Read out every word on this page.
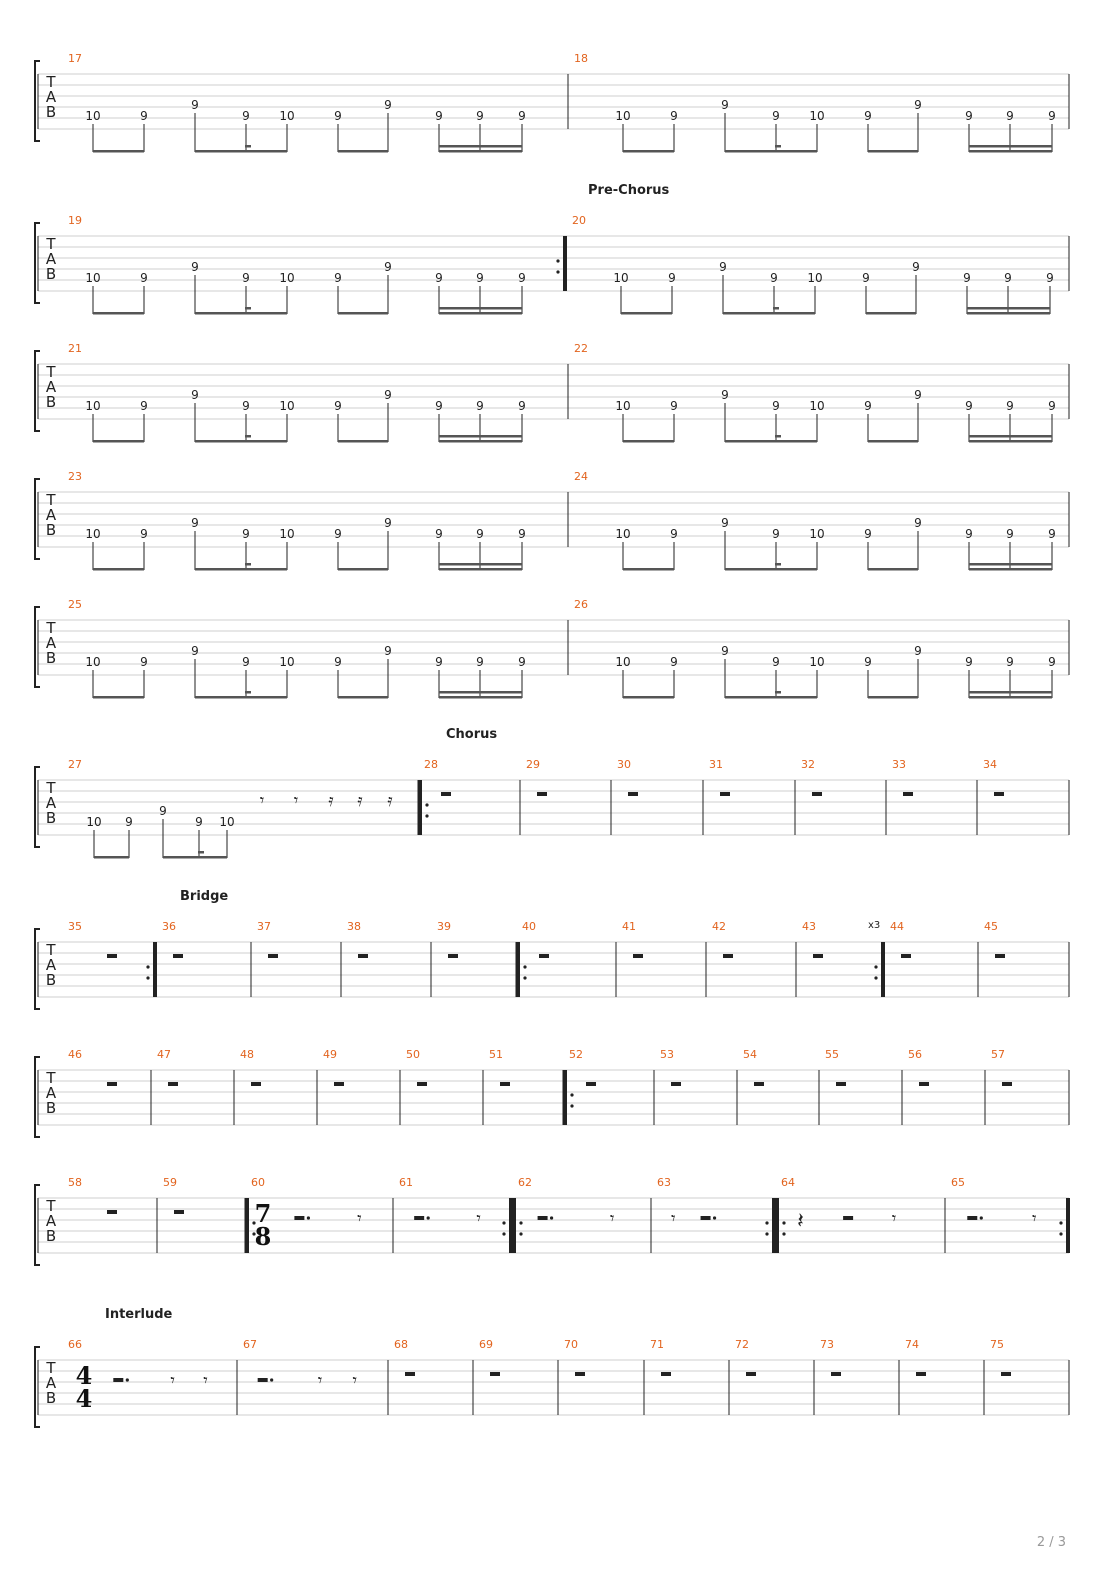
T
A
B
17
10	9
9
9 10	9
9
9	9	9
18
10	9
9
9 10	9
9
9	9	9
T
A
B
Pre-Chorus
19
10	9
9
9 10	9
9
9	9	9
20
10	9
9
9 10	9
9
9	9	9
T
A
B
21
10	9
9
9 10	9
9
9	9	9
22
10	9
9
9 10	9
9
9	9	9
T
A
B
23
10	9
9
9 10	9
9
9	9	9
24
10	9
9
9 10	9
9
9	9	9
T
A
B
25
10	9
9
9 10	9
9
9	9	9
26
10	9
9
9 10	9
9
9	9	9
T
A
B
Chorus
27
10 9
9
9 10
𝄾 𝄾 𝄿 𝄿 𝄿
28	29	30	31	32	33	34
T
A
B
Bridge
35	36	37	38	39	40	41	42	43	x3 44	45
T
A
B
46	47	48	49	50	51	52	53	54	55	56	57
T
A
B
58	59	60
7
8
𝄾
61
𝄾
62
𝄾
63
𝄾
64
𝄽	𝄾
65
𝄾
T
A
B
Interlude
66
4
4
𝄾 𝄾
67
𝄾 𝄾
68	69	70	71	72	73	74	75
2 / 3
